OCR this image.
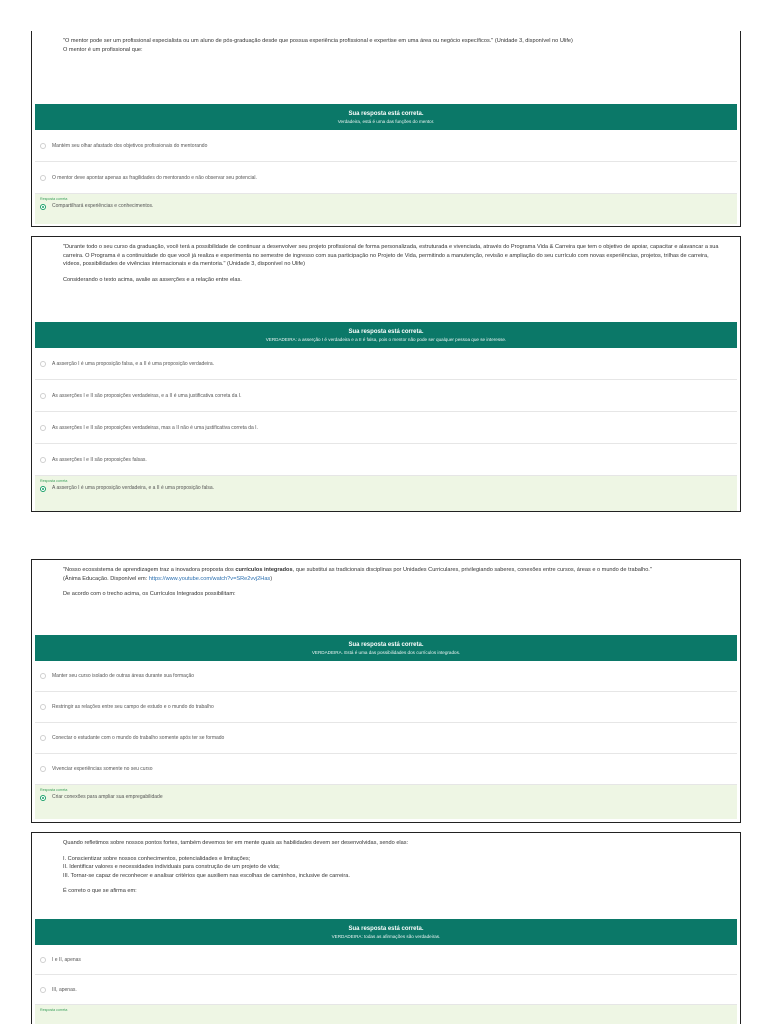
"O mentor pode ser um profissional especialista ou um aluno de pós-graduação desde que possua experiência profissional e expertise em uma área ou negócio específicos." (Unidade 3, disponível no Ulife)

O mentor é um profissional que:

Sua resposta está correta.
Verdadeira, está é uma das funções do mentor.
Mantém seu olhar afastado dos objetivos profissionais do mentorando
O mentor deve apontar apenas as fragilidades do mentorando e não observar seu potencial.
Resposta correta
Compartilhará experiências e conhecimentos.

"Durante todo o seu curso da graduação, você terá a possibilidade de continuar a desenvolver seu projeto profissional de forma personalizada, estruturada e vivenciada, através do Programa Vida & Carreira que tem o objetivo de apoiar, capacitar e alavancar a sua carreira. O Programa é a continuidade do que você já realiza e experimenta no semestre de ingresso com sua participação no Projeto de Vida, permitindo a manutenção, revisão e ampliação do seu currículo com novas experiências, projetos, trilhas de carreira, vídeos, possibilidades de vivências internacionais e da mentoria." (Unidade 3, disponível no Ulife)

Considerando o texto acima, avalie as asserções e a relação entre elas.

Sua resposta está correta.
VERDADEIRA: a asserção I é verdadeira e a II é falsa, pois o mentor não pode ser qualquer pessoa que se interesse.
A asserção I é uma proposição falsa, e a II é uma proposição verdadeira.
As asserções I e II são proposições verdadeiras, e a II é uma justificativa correta da I.
As asserções I e II são proposições verdadeiras, mas a II não é uma justificativa correta da I.
As asserções I e II são proposições falsas.
Resposta correta
A asserção I é uma proposição verdadeira, e a II é uma proposição falsa.

"Nosso ecossistema de aprendizagem traz a inovadora proposta dos currículos integrados, que substitui as tradicionais disciplinas por Unidades Curriculares, privilegiando saberes, conexões entre cursos, áreas e o mundo de trabalho."

(Ânima Educação. Disponível em: https://www.youtube.com/watch?v=SRe2vvj2Has)

De acordo com o trecho acima, os Currículos Integrados possibilitam:

Sua resposta está correta.
VERDADEIRA. Está é uma das possibilidades dos currículos integrados.
Manter seu curso isolado de outras áreas durante sua formação
Restringir as relações entre seu campo de estudo e o mundo do trabalho
Conectar o estudante com o mundo do trabalho somente após ter se formado
Vivenciar experiências somente no seu curso
Resposta correta
Criar conexões para ampliar sua empregabilidade

Quando refletimos sobre nossos pontos fortes, também devemos ter em mente quais as habilidades devem ser desenvolvidas, sendo elas:

I. Conscientizar sobre nossos conhecimentos, potencialidades e limitações;

II. Identificar valores e necessidades individuais para construção de um projeto de vida;

III. Tornar-se capaz de reconhecer e analisar critérios que auxiliem nas escolhas de caminhos, inclusive de carreira.

É correto o que se afirma em:

Sua resposta está correta.
VERDADEIRA: todas as afirmações são verdadeiras.
I e II, apenas
III, apenas.
Resposta correta
